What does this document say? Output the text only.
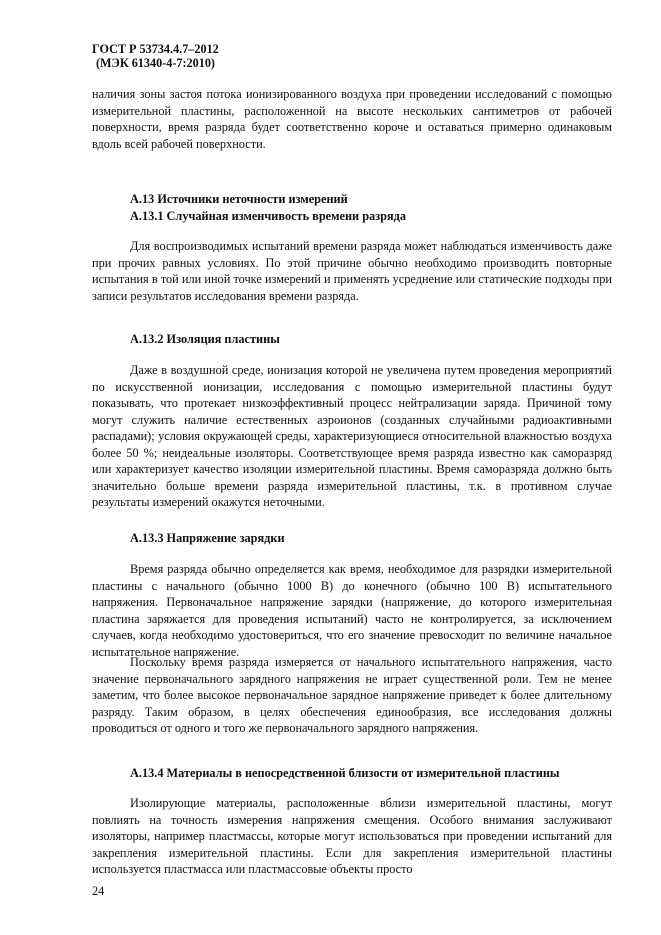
ГОСТ Р 53734.4.7–2012
(МЭК 61340-4-7:2010)

наличия зоны застоя потока ионизированного воздуха при проведении исследований с помощью измерительной пластины, расположенной на высоте нескольких сантиметров от рабочей поверхности, время разряда будет соответственно короче и оставаться примерно одинаковым вдоль всей рабочей поверхности.

А.13 Источники неточности измерений

А.13.1 Случайная изменчивость времени разряда

Для воспроизводимых испытаний времени разряда может наблюдаться изменчивость даже при прочих равных условиях. По этой причине обычно необходимо производить повторные испытания в той или иной точке измерений и применять усреднение или статические подходы при записи результатов исследования времени разряда.

А.13.2 Изоляция пластины

Даже в воздушной среде, ионизация которой не увеличена путем проведения мероприятий по искусственной ионизации, исследования с помощью измерительной пластины будут показывать, что протекает низкоэффективный процесс нейтрализации заряда. Причиной тому могут служить наличие естественных аэроионов (созданных случайными радиоактивными распадами); условия окружающей среды, характеризующиеся относительной влажностью воздуха более 50 %; неидеальные изоляторы. Соответствующее время разряда известно как саморазряд или характеризует качество изоляции измерительной пластины. Время саморазряда должно быть значительно больше времени разряда измерительной пластины, т.к. в противном случае результаты измерений окажутся неточными.

А.13.3 Напряжение зарядки

Время разряда обычно определяется как время, необходимое для разрядки измерительной пластины с начального (обычно 1000 В) до конечного (обычно 100 В) испытательного напряжения. Первоначальное напряжение зарядки (напряжение, до которого измерительная пластина заряжается для проведения испытаний) часто не контролируется, за исключением случаев, когда необходимо удостовериться, что его значение превосходит по величине начальное испытательное напряжение.

Поскольку время разряда измеряется от начального испытательного напряжения, часто значение первоначального зарядного напряжения не играет существенной роли. Тем не менее заметим, что более высокое первоначальное зарядное напряжение приведет к более длительному разряду. Таким образом, в целях обеспечения единообразия, все исследования должны проводиться от одного и того же первоначального зарядного напряжения.

А.13.4 Материалы в непосредственной близости от измерительной пластины

Изолирующие материалы, расположенные вблизи измерительной пластины, могут повлиять на точность измерения напряжения смещения. Особого внимания заслуживают изоляторы, например пластмассы, которые могут использоваться при проведении испытаний для закрепления измерительной пластины. Если для закрепления измерительной пластины используется пластмасса или пластмассовые объекты просто

24
